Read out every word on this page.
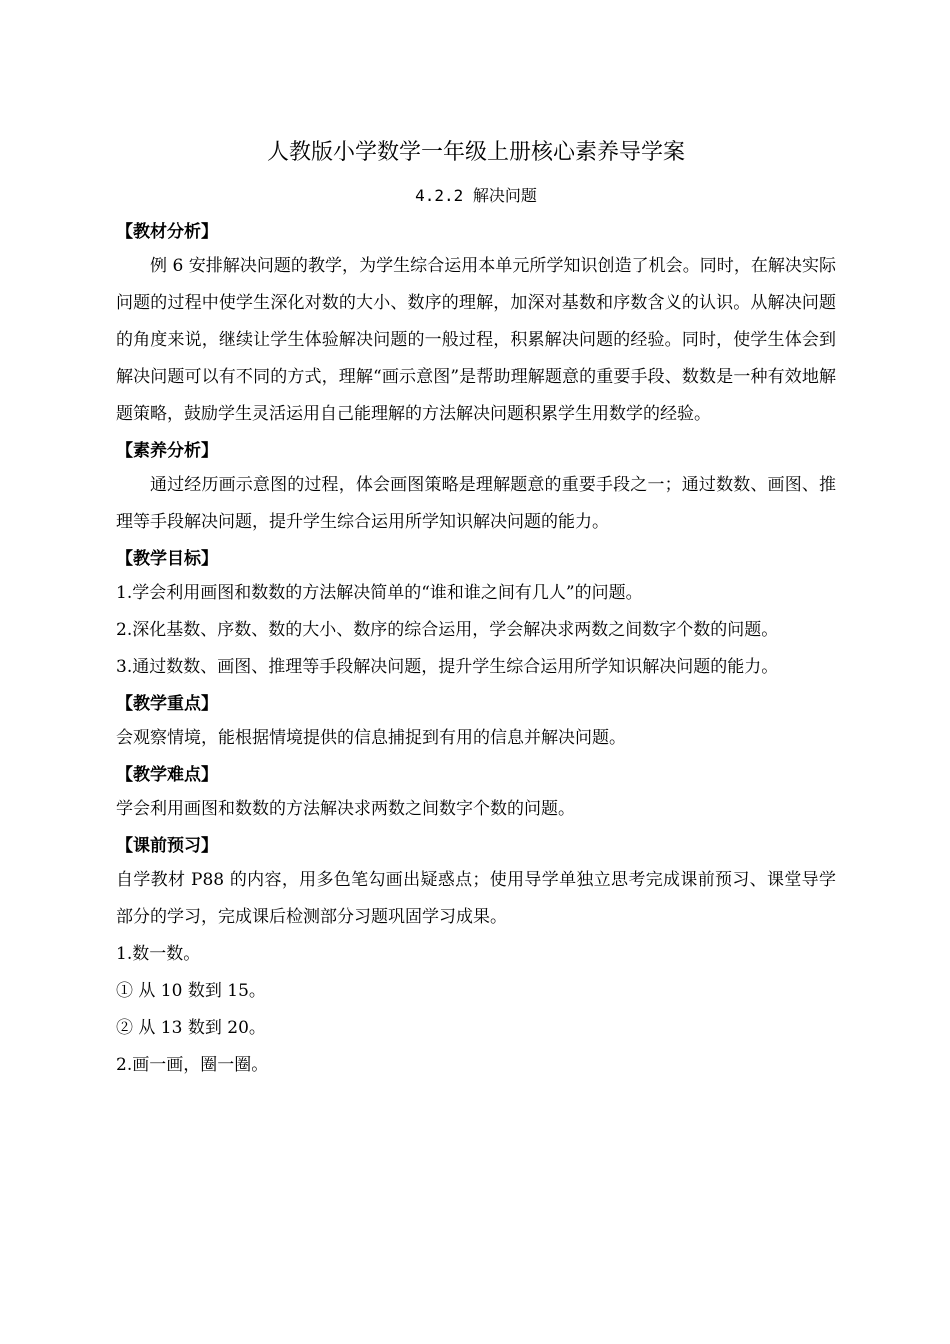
人教版小学数学一年级上册核心素养导学案
4.2.2 解决问题
【教材分析】

例 6 安排解决问题的教学，为学生综合运用本单元所学知识创造了机会。同时，在解决实际问题的过程中使学生深化对数的大小、数序的理解，加深对基数和序数含义的认识。从解决问题的角度来说，继续让学生体验解决问题的一般过程，积累解决问题的经验。同时，使学生体会到解决问题可以有不同的方式，理解“画示意图”是帮助理解题意的重要手段、数数是一种有效地解题策略，鼓励学生灵活运用自己能理解的方法解决问题积累学生用数学的经验。

【素养分析】

通过经历画示意图的过程，体会画图策略是理解题意的重要手段之一；通过数数、画图、推理等手段解决问题，提升学生综合运用所学知识解决问题的能力。

【教学目标】

1.学会利用画图和数数的方法解决简单的“谁和谁之间有几人”的问题。

2.深化基数、序数、数的大小、数序的综合运用，学会解决求两数之间数字个数的问题。

3.通过数数、画图、推理等手段解决问题，提升学生综合运用所学知识解决问题的能力。

【教学重点】

会观察情境，能根据情境提供的信息捕捉到有用的信息并解决问题。

【教学难点】

学会利用画图和数数的方法解决求两数之间数字个数的问题。

【课前预习】

自学教材 P88 的内容，用多色笔勾画出疑惑点；使用导学单独立思考完成课前预习、课堂导学部分的学习，完成课后检测部分习题巩固学习成果。

1.数一数。
① 从 10 数到 15。
② 从 13 数到 20。
2.画一画，圈一圈。
